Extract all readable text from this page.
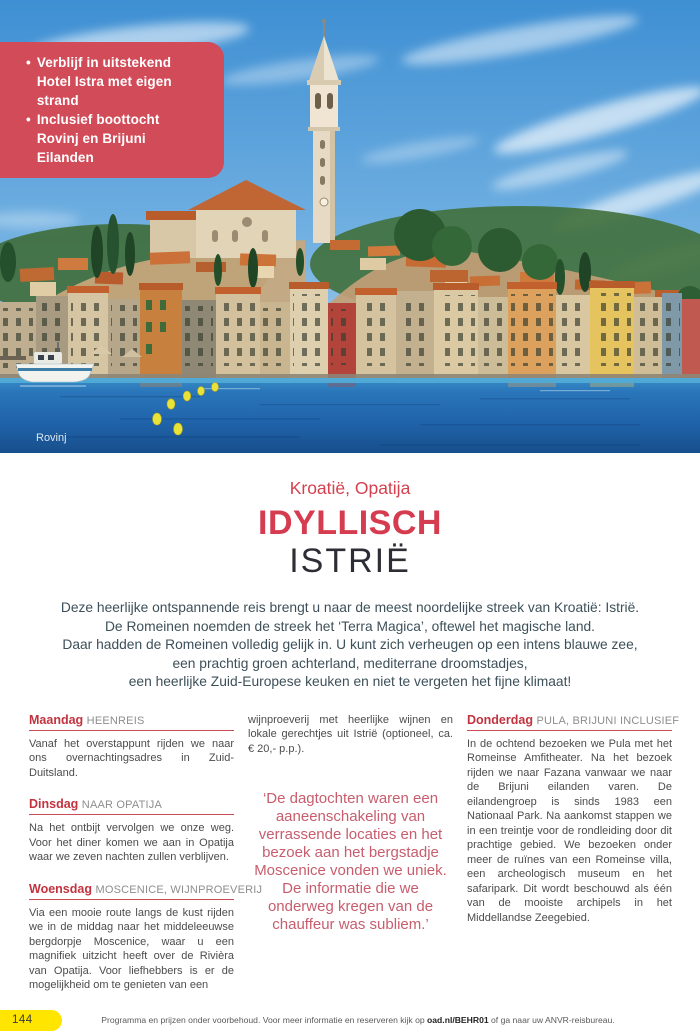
• Verblijf in uitstekend Hotel Istra met eigen strand
• Inclusief boottocht Rovinj en Brijuni Eilanden
Rovinj
Kroatië, Opatija
IDYLLISCH
ISTRIË
Deze heerlijke ontspannende reis brengt u naar de meest noordelijke streek van Kroatië: Istrië.
De Romeinen noemden de streek het ‘Terra Magica’, oftewel het magische land.
Daar hadden de Romeinen volledig gelijk in. U kunt zich verheugen op een intens blauwe zee,
een prachtig groen achterland, mediterrane droomstadjes,
een heerlijke Zuid-Europese keuken en niet te vergeten het fijne klimaat!
Maandag HEENREIS

Vanaf het overstappunt rijden we naar ons overnachtingsadres in Zuid-Duitsland.

Dinsdag NAAR OPATIJA

Na het ontbijt vervolgen we onze weg. Voor het diner komen we aan in Opatija waar we zeven nachten zullen verblijven.

Woensdag MOSCENICE, WIJNPROEVERIJ

Via een mooie route langs de kust rijden we in de middag naar het middeleeuwse bergdorpje Moscenice, waar u een magnifiek uitzicht heeft over de Rivièra van Opatija. Voor liefhebbers is er de mogelijkheid om te genieten van een

wijnproeverij met heerlijke wijnen en lokale gerechtjes uit Istrië (optioneel, ca. € 20,- p.p.).

‘De dagtochten waren een aaneenschakeling van verrassende locaties en het bezoek aan het bergstadje Moscenice vonden we uniek. De informatie die we onderweg kregen van de chauffeur was subliem.’
Donderdag PULA, BRIJUNI INCLUSIEF

In de ochtend bezoeken we Pula met het Romeinse Amfitheater. Na het bezoek rijden we naar Fazana vanwaar we naar de Brijuni eilanden varen. De eilandengroep is sinds 1983 een Nationaal Park. Na aankomst stappen we in een treintje voor de rondleiding door dit prachtige gebied. We bezoeken onder meer de ruïnes van een Romeinse villa, een archeologisch museum en het safaripark. Dit wordt beschouwd als één van de mooiste archipels in het Middellandse Zeegebied.

144	Programma en prijzen onder voorbehoud. Voor meer informatie en reserveren kijk op oad.nl/BEHR01 of ga naar uw ANVR-reisbureau.
